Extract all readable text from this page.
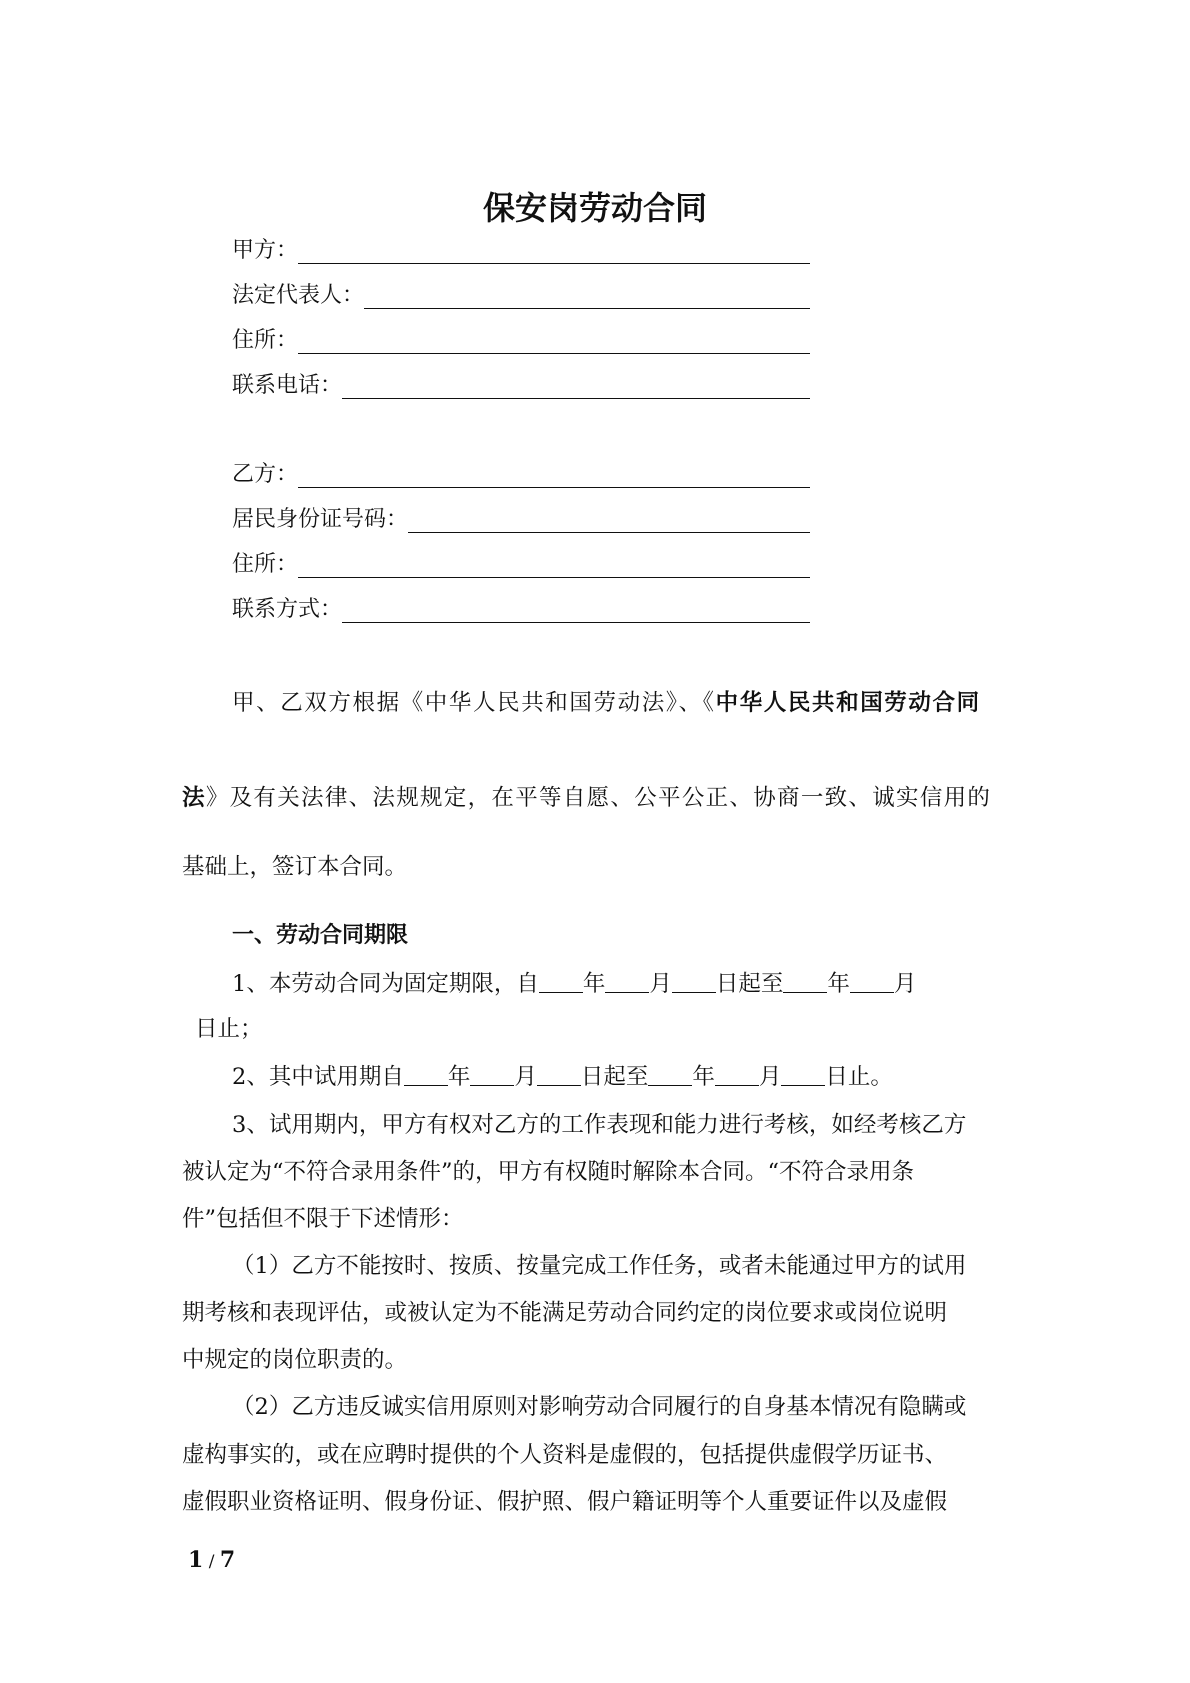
保安岗劳动合同
甲方：
法定代表人：
住所：
联系电话：
乙方：
居民身份证号码：
住所：
联系方式：
甲、乙双方根据《中华人民共和国劳动法》、《中华人民共和国劳动合同
法》及有关法律、法规规定，在平等自愿、公平公正、协商一致、诚实信用的
基础上，签订本合同。
一、劳动合同期限
1、本劳动合同为固定期限，自 年 月 日起至 年 月
日止；
2、其中试用期自 年 月 日起至 年 月 日止。
3、试用期内，甲方有权对乙方的工作表现和能力进行考核，如经考核乙方
被认定为“不符合录用条件”的，甲方有权随时解除本合同。“不符合录用条
件”包括但不限于下述情形：
（1）乙方不能按时、按质、按量完成工作任务，或者未能通过甲方的试用
期考核和表现评估，或被认定为不能满足劳动合同约定的岗位要求或岗位说明
中规定的岗位职责的。
（2）乙方违反诚实信用原则对影响劳动合同履行的自身基本情况有隐瞒或
虚构事实的，或在应聘时提供的个人资料是虚假的，包括提供虚假学历证书、
虚假职业资格证明、假身份证、假护照、假户籍证明等个人重要证件以及虚假
1 / 7
